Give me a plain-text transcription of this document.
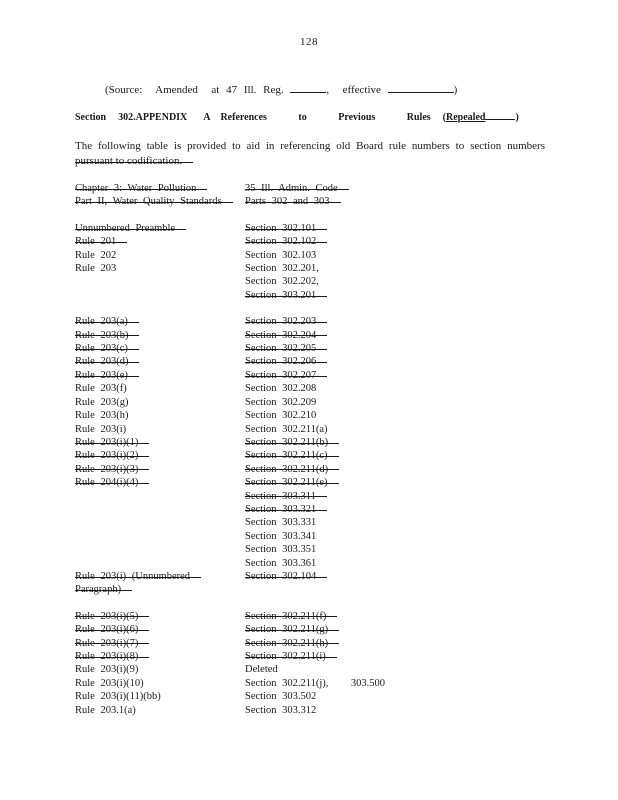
128
(Source:  Amended  at 47 Ill. Reg.	,  effective	)
Section 302.APPENDIX A References   to   Previous   Rules (Repealed	)
The following table is provided to aid in referencing old Board rule numbers to section numbers
pursuant to codification.
Chapter 3: Water Pollution	35 Ill. Admin. Code
Part II, Water Quality Standards	Parts 302 and 303
Unnumbered Preamble	Section 302.101
Rule 201	Section 302.102
Rule 202	Section 302.103
Rule 203	Section 302.201,
Section 302.202,
Section 303.201
Rule 203(a)	Section 302.203
Rule 203(b)	Section 302.204
Rule 203(c)	Section 302.205
Rule 203(d)	Section 302.206
Rule 203(e)	Section 302.207
Rule 203(f)	Section 302.208
Rule 203(g)	Section 302.209
Rule 203(h)	Section 302.210
Rule 203(i)	Section 302.211(a)
Rule 203(i)(1)	Section 302.211(b)
Rule 203(i)(2)	Section 302.211(c)
Rule 203(i)(3)	Section 302.211(d)
Rule 204(i)(4)	Section 302.211(e)
Section 303.311
Section 303.321
Section 303.331
Section 303.341
Section 303.351
Section 303.361
Rule 203(i) (Unnumbered	Section 302.104
Paragraph)
Rule 203(i)(5)	Section 302.211(f)
Rule 203(i)(6)	Section 302.211(g)
Rule 203(i)(7)	Section 302.211(h)
Rule 203(i)(8)	Section 302.211(i)
Rule 203(i)(9)	Deleted
Rule 203(i)(10)	Section 302.211(j),    303.500
Rule 203(i)(11)(bb)	Section 303.502
Rule 203.1(a)	Section 303.312
